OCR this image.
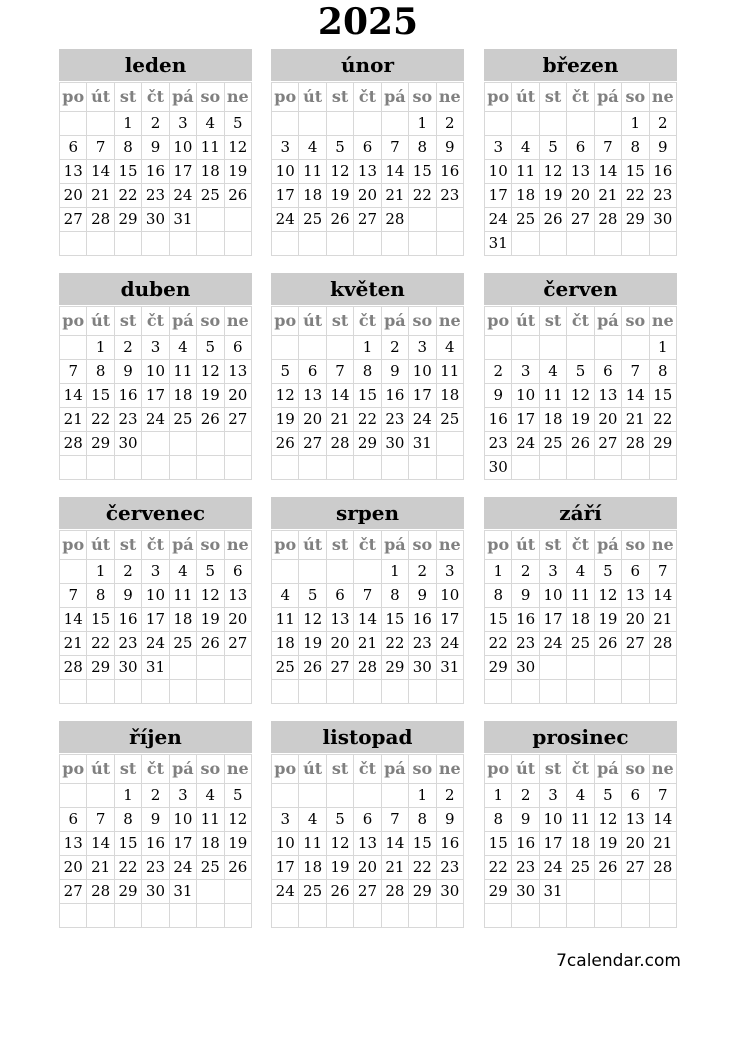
2025
leden
po	út	st	čt	pá	so	ne
		1	2	3	4	5
6	7	8	9	10	11	12
13	14	15	16	17	18	19
20	21	22	23	24	25	26
27	28	29	30	31		

únor
po	út	st	čt	pá	so	ne
					1	2
3	4	5	6	7	8	9
10	11	12	13	14	15	16
17	18	19	20	21	22	23
24	25	26	27	28		

březen
po	út	st	čt	pá	so	ne
					1	2
3	4	5	6	7	8	9
10	11	12	13	14	15	16
17	18	19	20	21	22	23
24	25	26	27	28	29	30
31						
duben
po	út	st	čt	pá	so	ne
	1	2	3	4	5	6
7	8	9	10	11	12	13
14	15	16	17	18	19	20
21	22	23	24	25	26	27
28	29	30				

květen
po	út	st	čt	pá	so	ne
			1	2	3	4
5	6	7	8	9	10	11
12	13	14	15	16	17	18
19	20	21	22	23	24	25
26	27	28	29	30	31	

červen
po	út	st	čt	pá	so	ne
						1
2	3	4	5	6	7	8
9	10	11	12	13	14	15
16	17	18	19	20	21	22
23	24	25	26	27	28	29
30						
červenec
po	út	st	čt	pá	so	ne
	1	2	3	4	5	6
7	8	9	10	11	12	13
14	15	16	17	18	19	20
21	22	23	24	25	26	27
28	29	30	31			

srpen
po	út	st	čt	pá	so	ne
				1	2	3
4	5	6	7	8	9	10
11	12	13	14	15	16	17
18	19	20	21	22	23	24
25	26	27	28	29	30	31

září
po	út	st	čt	pá	so	ne
1	2	3	4	5	6	7
8	9	10	11	12	13	14
15	16	17	18	19	20	21
22	23	24	25	26	27	28
29	30					

říjen
po	út	st	čt	pá	so	ne
		1	2	3	4	5
6	7	8	9	10	11	12
13	14	15	16	17	18	19
20	21	22	23	24	25	26
27	28	29	30	31		

listopad
po	út	st	čt	pá	so	ne
					1	2
3	4	5	6	7	8	9
10	11	12	13	14	15	16
17	18	19	20	21	22	23
24	25	26	27	28	29	30

prosinec
po	út	st	čt	pá	so	ne
1	2	3	4	5	6	7
8	9	10	11	12	13	14
15	16	17	18	19	20	21
22	23	24	25	26	27	28
29	30	31				

7calendar.com
